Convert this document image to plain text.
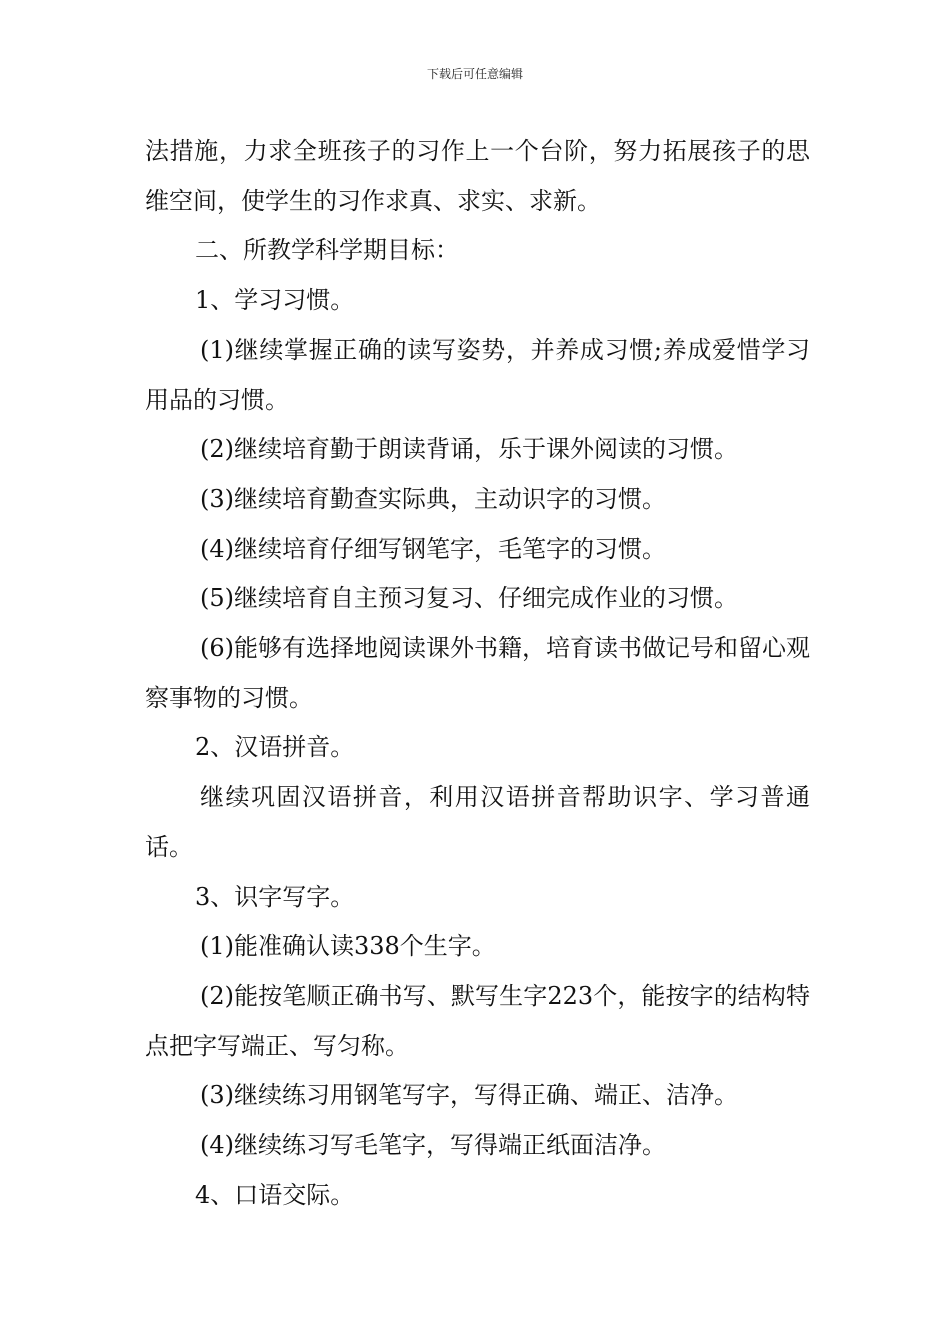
下载后可任意编辑

法措施，力求全班孩子的习作上一个台阶，努力拓展孩子的思维空间，使学生的习作求真、求实、求新。

二、所教学科学期目标：

1、学习习惯。

(1)继续掌握正确的读写姿势，并养成习惯;养成爱惜学习用品的习惯。

(2)继续培育勤于朗读背诵，乐于课外阅读的习惯。

(3)继续培育勤查实际典，主动识字的习惯。

(4)继续培育仔细写钢笔字，毛笔字的习惯。

(5)继续培育自主预习复习、仔细完成作业的习惯。

(6)能够有选择地阅读课外书籍，培育读书做记号和留心观察事物的习惯。

2、汉语拼音。

继续巩固汉语拼音，利用汉语拼音帮助识字、学习普通话。

3、识字写字。

(1)能准确认读338个生字。

(2)能按笔顺正确书写、默写生字223个，能按字的结构特点把字写端正、写匀称。

(3)继续练习用钢笔写字，写得正确、端正、洁净。

(4)继续练习写毛笔字，写得端正纸面洁净。

4、口语交际。
